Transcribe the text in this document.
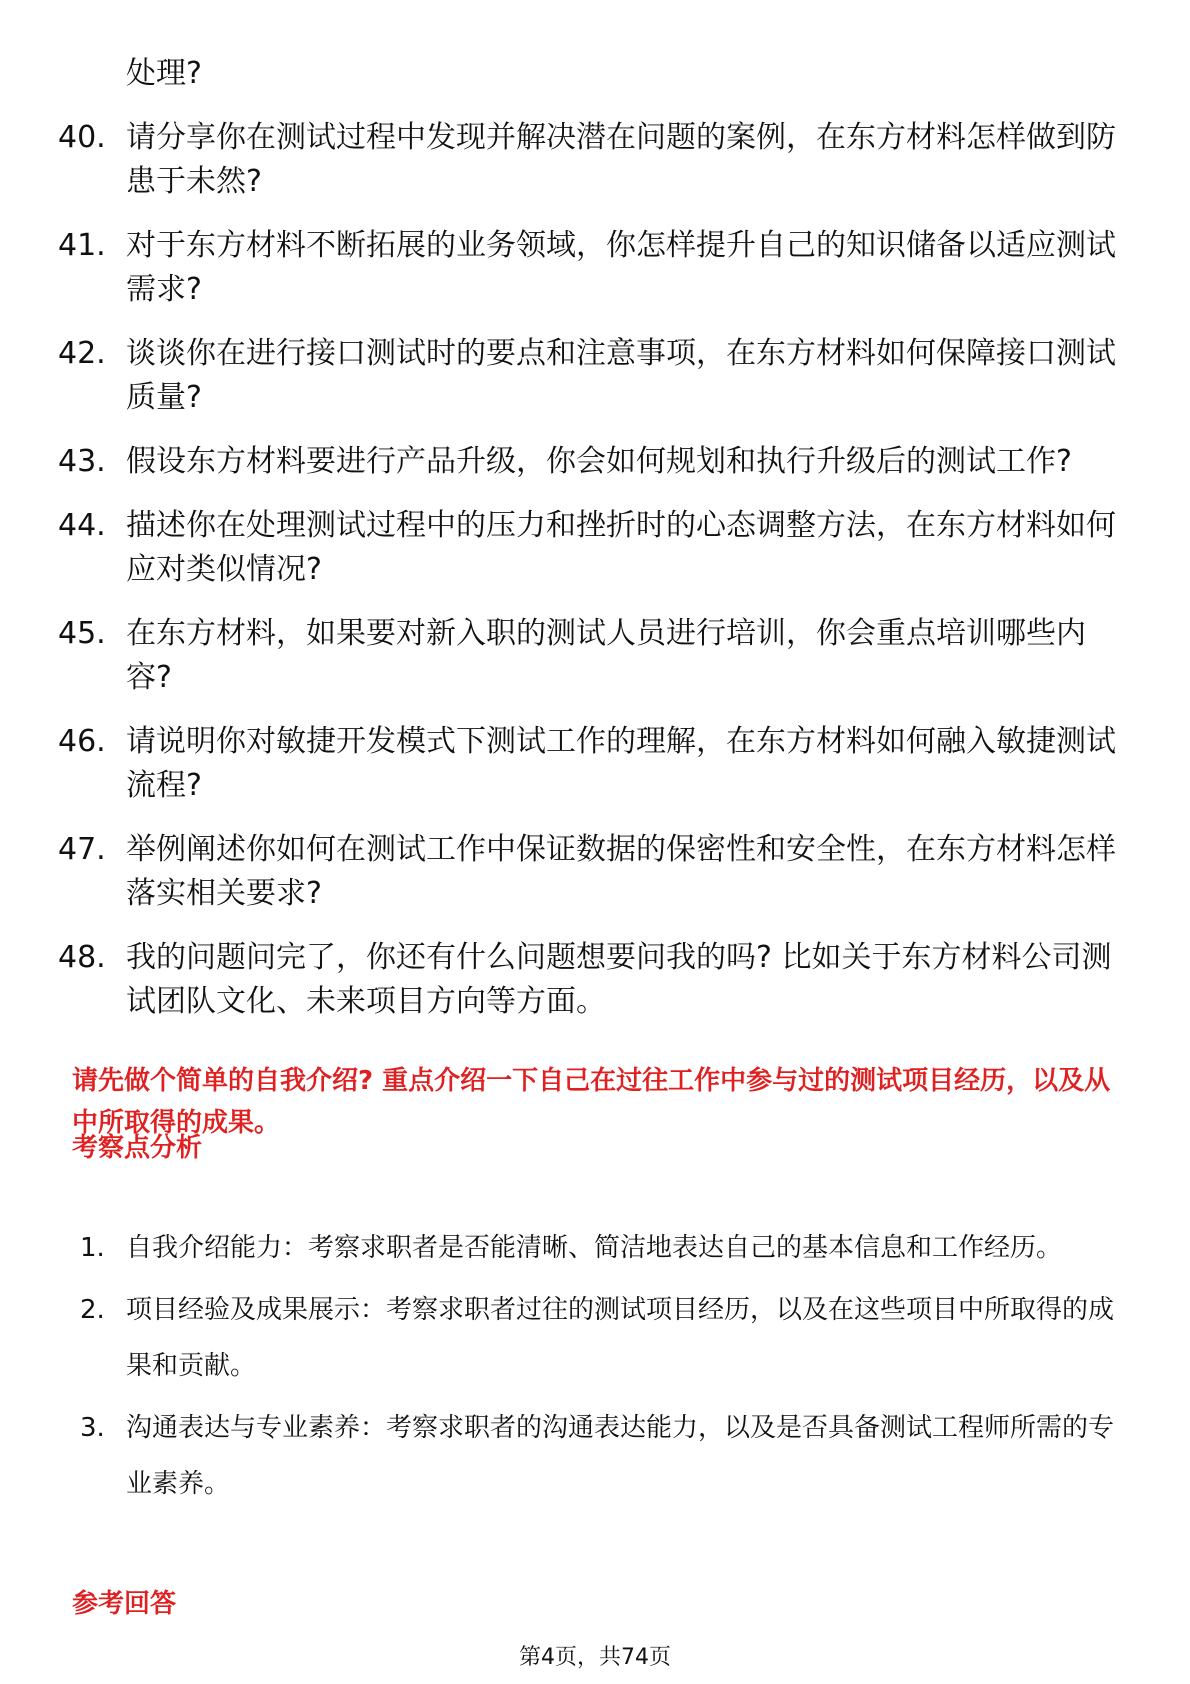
处理?
40. 请分享你在测试过程中发现并解决潜在问题的案例，在东方材料怎样做到防患于未然?
41. 对于东方材料不断拓展的业务领域，你怎样提升自己的知识储备以适应测试需求?
42. 谈谈你在进行接口测试时的要点和注意事项，在东方材料如何保障接口测试质量?
43. 假设东方材料要进行产品升级，你会如何规划和执行升级后的测试工作?
44. 描述你在处理测试过程中的压力和挫折时的心态调整方法，在东方材料如何应对类似情况?
45. 在东方材料，如果要对新入职的测试人员进行培训，你会重点培训哪些内容?
46. 请说明你对敏捷开发模式下测试工作的理解，在东方材料如何融入敏捷测试流程?
47. 举例阐述你如何在测试工作中保证数据的保密性和安全性，在东方材料怎样落实相关要求?
48. 我的问题问完了，你还有什么问题想要问我的吗? 比如关于东方材料公司测试团队文化、未来项目方向等方面。
请先做个简单的自我介绍? 重点介绍一下自己在过往工作中参与过的测试项目经历，以及从中所取得的成果。
考察点分析
1. 自我介绍能力：考察求职者是否能清晰、简洁地表达自己的基本信息和工作经历。
2. 项目经验及成果展示：考察求职者过往的测试项目经历，以及在这些项目中所取得的成果和贡献。
3. 沟通表达与专业素养：考察求职者的沟通表达能力，以及是否具备测试工程师所需的专业素养。
参考回答
第4页，共74页
